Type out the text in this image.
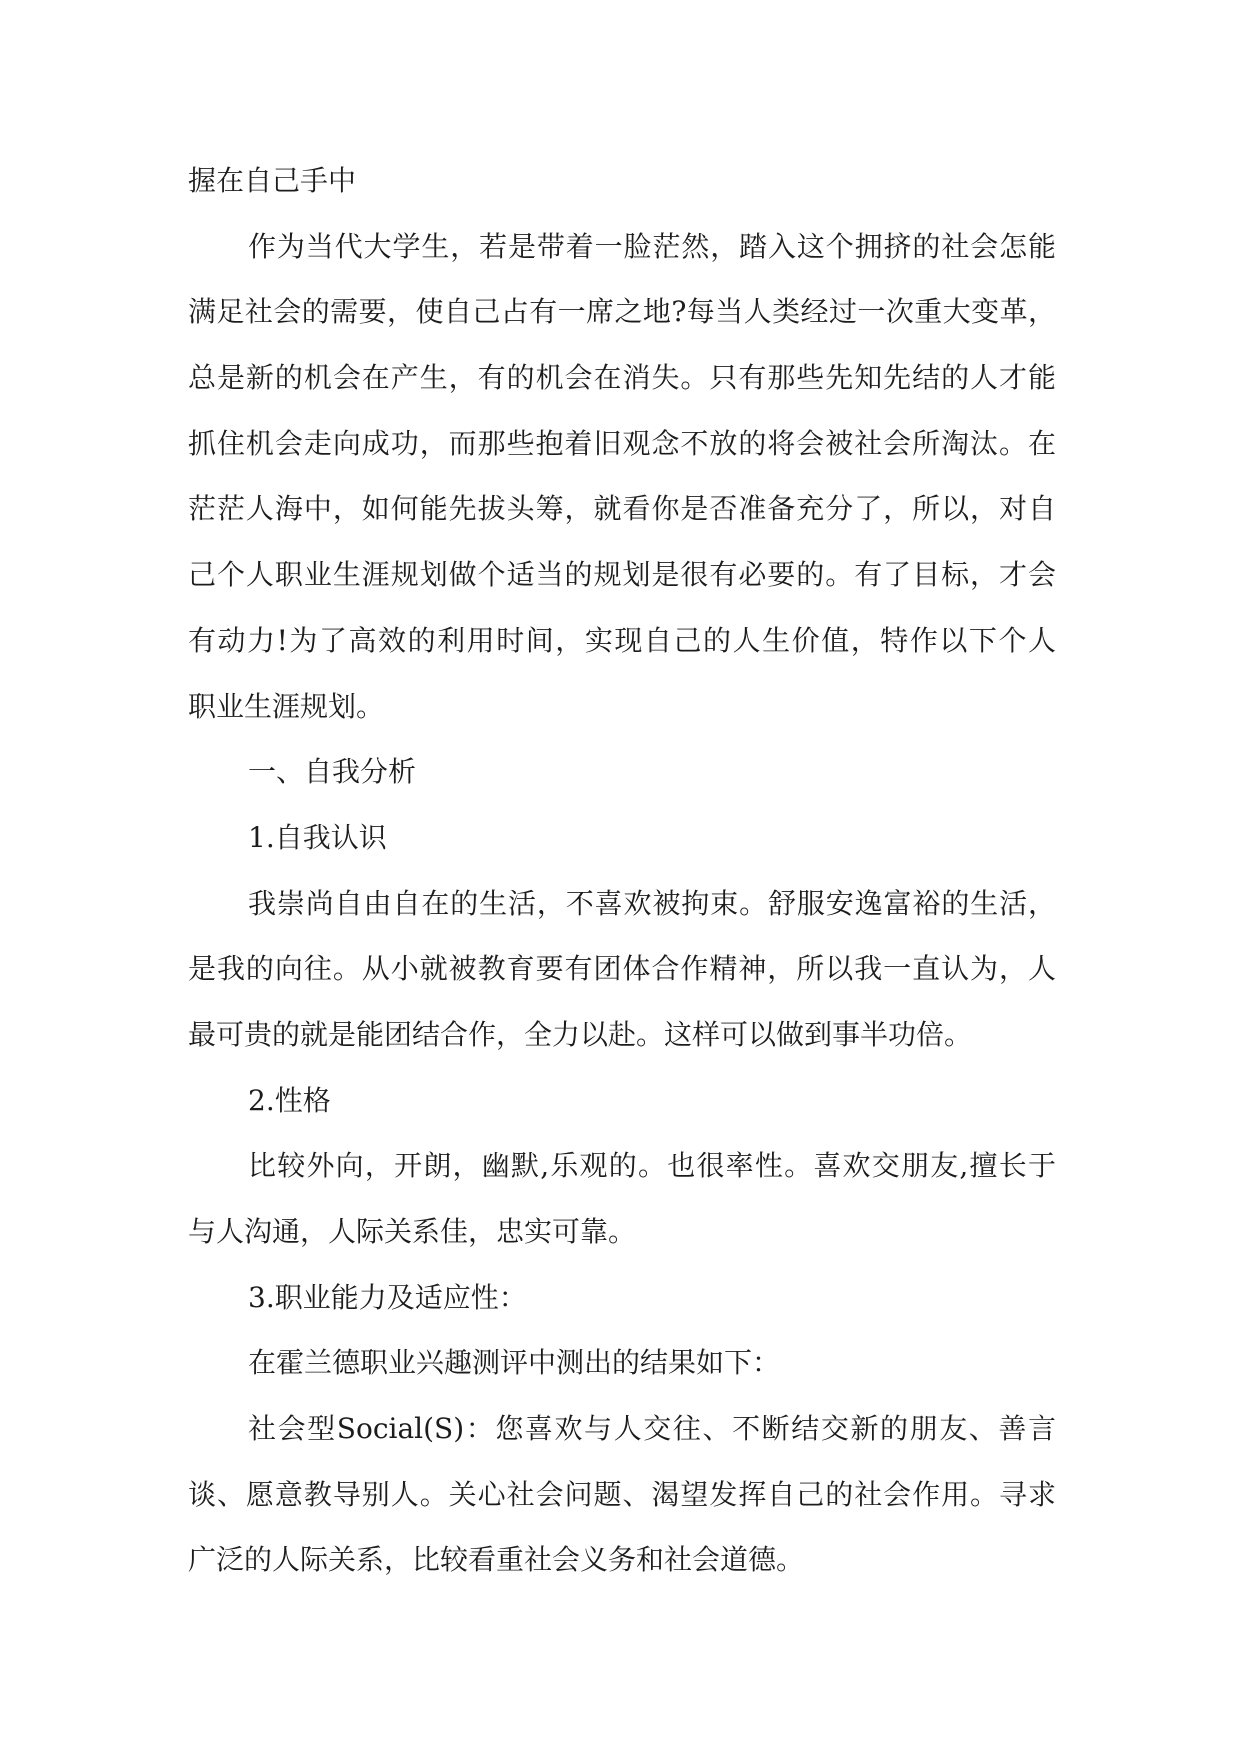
握在自己手中
作为当代大学生，若是带着一脸茫然，踏入这个拥挤的社会怎能
满足社会的需要，使自己占有一席之地?每当人类经过一次重大变革，
总是新的机会在产生，有的机会在消失。只有那些先知先结的人才能
抓住机会走向成功，而那些抱着旧观念不放的将会被社会所淘汰。在
茫茫人海中，如何能先拔头筹，就看你是否准备充分了，所以，对自
己个人职业生涯规划做个适当的规划是很有必要的。有了目标，才会
有动力!为了高效的利用时间，实现自己的人生价值，特作以下个人
职业生涯规划。
一、自我分析
1.自我认识
我崇尚自由自在的生活，不喜欢被拘束。舒服安逸富裕的生活，
是我的向往。从小就被教育要有团体合作精神，所以我一直认为，人
最可贵的就是能团结合作，全力以赴。这样可以做到事半功倍。
2.性格
比较外向，开朗，幽默,乐观的。也很率性。喜欢交朋友,擅长于
与人沟通，人际关系佳，忠实可靠。
3.职业能力及适应性：
在霍兰德职业兴趣测评中测出的结果如下：
社会型Social(S)：您喜欢与人交往、不断结交新的朋友、善言
谈、愿意教导别人。关心社会问题、渴望发挥自己的社会作用。寻求
广泛的人际关系，比较看重社会义务和社会道德。
